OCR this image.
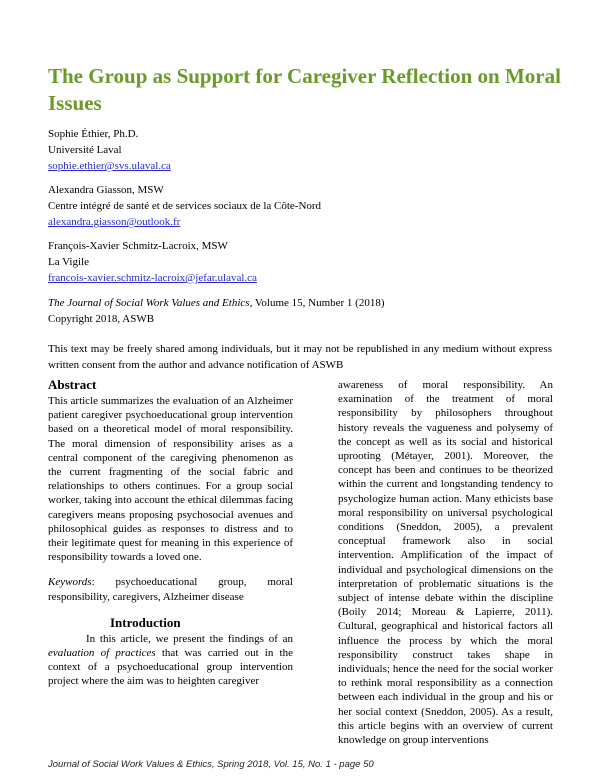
The Group as Support for Caregiver Reflection on Moral Issues
Sophie Éthier, Ph.D.
Université Laval
sophie.ethier@svs.ulaval.ca
Alexandra Giasson, MSW
Centre intégré de santé et de services sociaux de la Côte-Nord
alexandra.giasson@outlook.fr
François-Xavier Schmitz-Lacroix, MSW
La Vigile
francois-xavier.schmitz-lacroix@jefar.ulaval.ca
The Journal of Social Work Values and Ethics, Volume 15, Number 1 (2018)
Copyright 2018, ASWB
This text may be freely shared among individuals, but it may not be republished in any medium without express written consent from the author and advance notification of ASWB
Abstract

This article summarizes the evaluation of an Alzheimer patient caregiver psychoeducational group intervention based on a theoretical model of moral responsibility. The moral dimension of responsibility arises as a central component of the caregiving phenomenon as the current fragmenting of the social fabric and relationships to others continues. For a group social worker, taking into account the ethical dilemmas facing caregivers means proposing psychosocial avenues and philosophical guides as responses to distress and to their legitimate quest for meaning in this experience of responsibility towards a loved one.

Keywords: psychoeducational group, moral responsibility, caregivers, Alzheimer disease

Introduction

In this article, we present the findings of an evaluation of practices that was carried out in the context of a psychoeducational group intervention project where the aim was to heighten caregiver

awareness of moral responsibility. An examination of the treatment of moral responsibility by philosophers throughout history reveals the vagueness and polysemy of the concept as well as its social and historical uprooting (Métayer, 2001). Moreover, the concept has been and continues to be theorized within the current and longstanding tendency to psychologize human action. Many ethicists base moral responsibility on universal psychological conditions (Sneddon, 2005), a prevalent conceptual framework also in social intervention. Amplification of the impact of individual and psychological dimensions on the interpretation of problematic situations is the subject of intense debate within the discipline (Boily 2014; Moreau & Lapierre, 2011). Cultural, geographical and historical factors all influence the process by which the moral responsibility construct takes shape in individuals; hence the need for the social worker to rethink moral responsibility as a connection between each individual in the group and his or her social context (Sneddon, 2005). As a result, this article begins with an overview of current knowledge on group interventions

Journal of Social Work Values & Ethics, Spring 2018, Vol. 15, No. 1 - page 50
